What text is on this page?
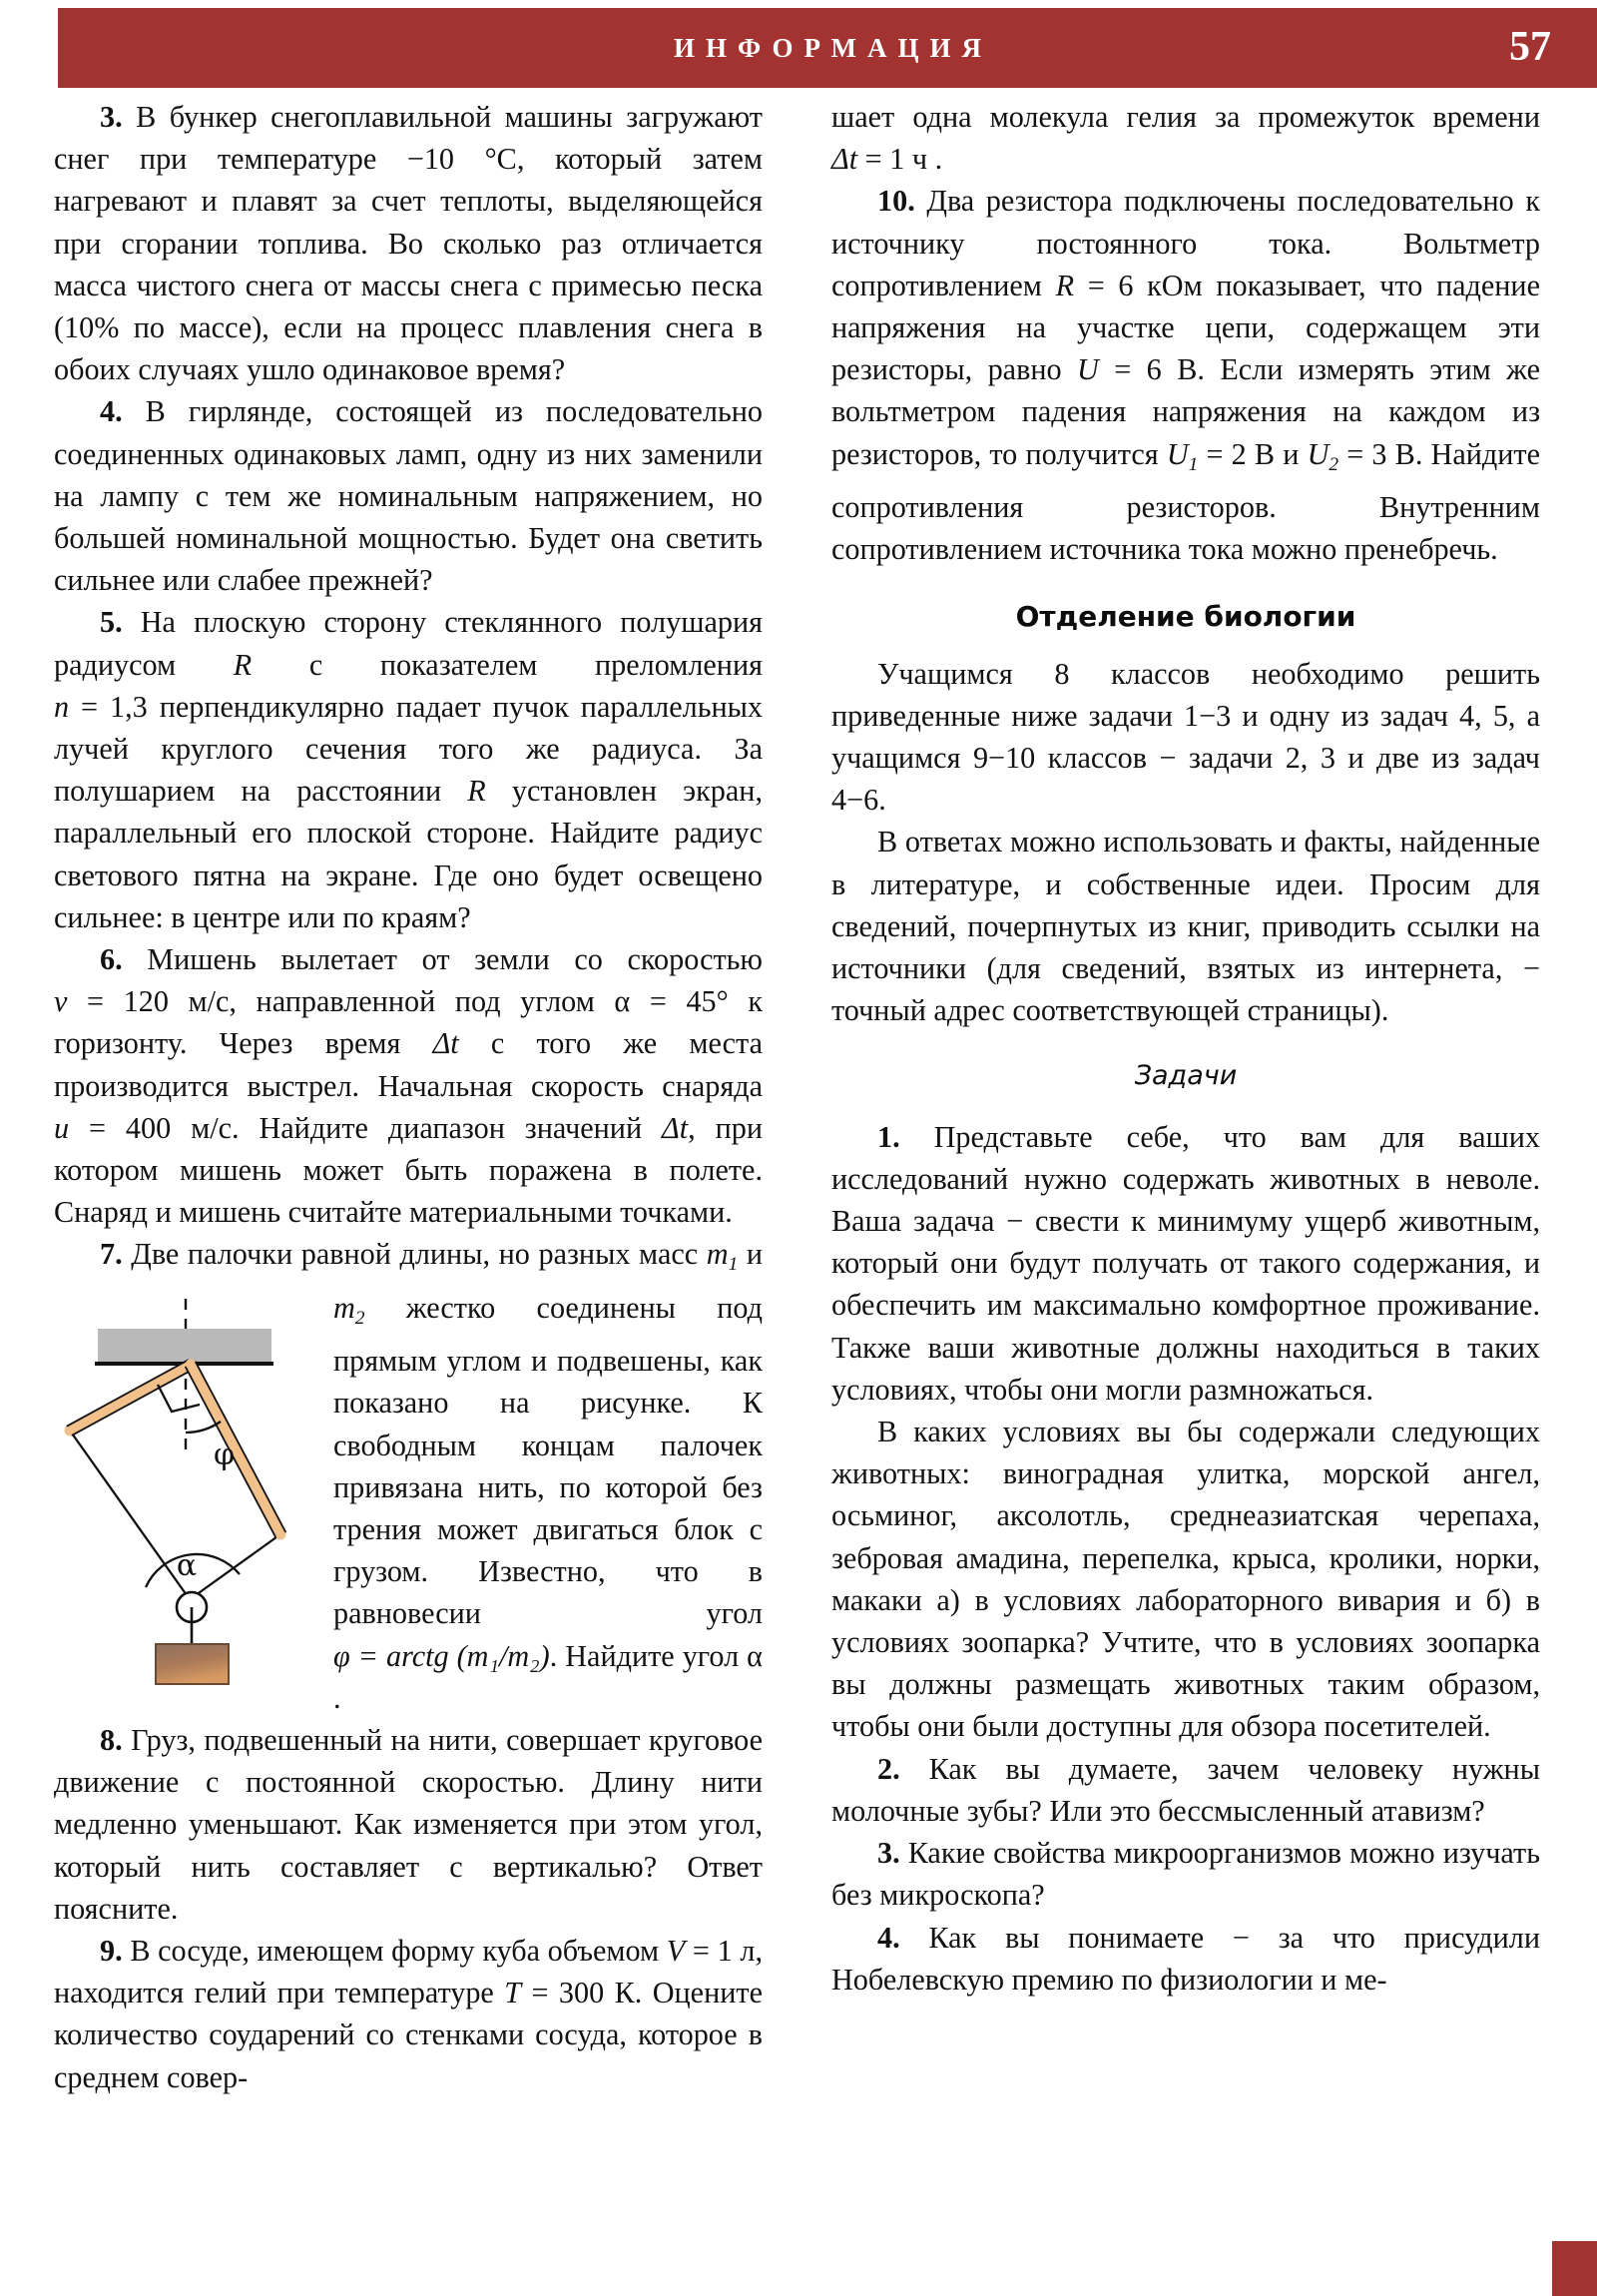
ИНФОРМАЦИЯ	57

3. В бункер снегоплавильной машины загружают снег при температуре −10 °C, который затем нагревают и плавят за счет теплоты, выделяющейся при сгорании топлива. Во сколько раз отличается масса чистого снега от массы снега с примесью песка (10% по массе), если на процесс плавления снега в обоих случаях ушло одинаковое время?

4. В гирлянде, состоящей из последовательно соединенных одинаковых ламп, одну из них заменили на лампу с тем же номинальным напряжением, но большей номинальной мощностью. Будет она светить сильнее или слабее прежней?

5. На плоскую сторону стеклянного полушария радиусом R с показателем преломления n = 1,3 перпендикулярно падает пучок параллельных лучей круглого сечения того же радиуса. За полушарием на расстоянии R установлен экран, параллельный его плоской стороне. Найдите радиус светового пятна на экране. Где оно будет освещено сильнее: в центре или по краям?

6. Мишень вылетает от земли со скоростью v = 120 м/с, направленной под углом α = 45° к горизонту. Через время Δt с того же места производится выстрел. Начальная скорость снаряда u = 400 м/с. Найдите диапазон значений Δt, при котором мишень может быть поражена в полете. Снаряд и мишень считайте материальными точками.

7. Две палочки равной длины, но разных масс $m_1$ и $m_2$
φ
α
жестко соединены под прямым углом и подвешены, как показано на рисунке. К свободным концам палочек привязана нить, по которой без трения может двигаться блок с грузом. Известно, что в равновесии угол φ = arctg (m₁/m₂). Найдите угол α .

8. Груз, подвешенный на нити, совершает круговое движение с постоянной скоростью. Длину нити медленно уменьшают. Как изменяется при этом угол, который нить составляет с вертикалью? Ответ поясните.

9. В сосуде, имеющем форму куба объемом V = 1 л, находится гелий при температуре T = 300 К. Оцените количество соударений со стенками сосуда, которое в среднем совер-

шает одна молекула гелия за промежуток времени Δt = 1 ч .

10. Два резистора подключены последовательно к источнику постоянного тока. Вольтметр сопротивлением R = 6 кОм показывает, что падение напряжения на участке цепи, содержащем эти резисторы, равно U = 6 В. Если измерять этим же вольтметром падения напряжения на каждом из резисторов, то получится $U_1 = 2$ В и $U_2 = 3$ В. Найдите сопротивления резисторов. Внутренним сопротивлением источника тока можно пренебречь.

Отделение биологии

Учащимся 8 классов необходимо решить приведенные ниже задачи 1−3 и одну из задач 4, 5, а учащимся 9−10 классов − задачи 2, 3 и две из задач 4−6.

В ответах можно использовать и факты, найденные в литературе, и собственные идеи. Просим для сведений, почерпнутых из книг, приводить ссылки на источники (для сведений, взятых из интернета, − точный адрес соответствующей страницы).

Задачи

1. Представьте себе, что вам для ваших исследований нужно содержать животных в неволе. Ваша задача − свести к минимуму ущерб животным, который они будут получать от такого содержания, и обеспечить им максимально комфортное проживание. Также ваши животные должны находиться в таких условиях, чтобы они могли размножаться.

В каких условиях вы бы содержали следующих животных: виноградная улитка, морской ангел, осьминог, аксолотль, среднеазиатская черепаха, зебровая амадина, перепелка, крыса, кролики, норки, макаки а) в условиях лабораторного вивария и б) в условиях зоопарка? Учтите, что в условиях зоопарка вы должны размещать животных таким образом, чтобы они были доступны для обзора посетителей.

2. Как вы думаете, зачем человеку нужны молочные зубы? Или это бессмысленный атавизм?

3. Какие свойства микроорганизмов можно изучать без микроскопа?

4. Как вы понимаете − за что присудили Нобелевскую премию по физиологии и ме-
